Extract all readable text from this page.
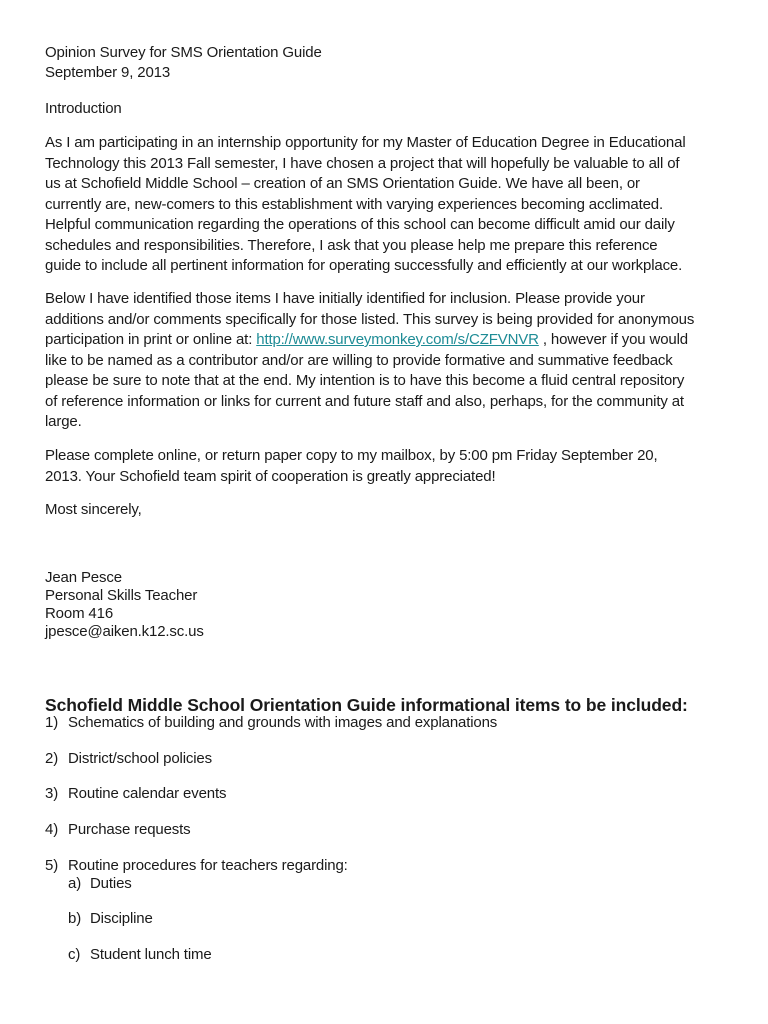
Opinion Survey for SMS Orientation Guide

September 9, 2013

Introduction

As I am participating in an internship opportunity for my Master of Education Degree in Educational

Technology this 2013 Fall semester, I have chosen a project that will hopefully be valuable to all of

us at Schofield Middle School – creation of an SMS Orientation Guide. We have all been, or

currently are, new-comers to this establishment with varying experiences becoming acclimated.

Helpful communication regarding the operations of this school can become difficult amid our daily

schedules and responsibilities. Therefore, I ask that you please help me prepare this reference

guide to include all pertinent information for operating successfully and efficiently at our workplace.

Below I have identified those items I have initially identified for inclusion. Please provide your

additions and/or comments specifically for those listed. This survey is being provided for anonymous

participation in print or online at: http://www.surveymonkey.com/s/CZFVNVR , however if you would

like to be named as a contributor and/or are willing to provide formative and summative feedback

please be sure to note that at the end. My intention is to have this become a fluid central repository

of reference information or links for current and future staff and also, perhaps, for the community at

large.

Please complete online, or return paper copy to my mailbox, by 5:00 pm Friday September 20,

2013. Your Schofield team spirit of cooperation is greatly appreciated!

Most sincerely,

Jean Pesce

Personal Skills Teacher

Room 416

jpesce@aiken.k12.sc.us

Schofield Middle School Orientation Guide informational items to be included:

1) Schematics of building and grounds with images and explanations
2) District/school policies
3) Routine calendar events
4) Purchase requests
5) Routine procedures for teachers regarding:
a) Duties
b) Discipline
c) Student lunch time
